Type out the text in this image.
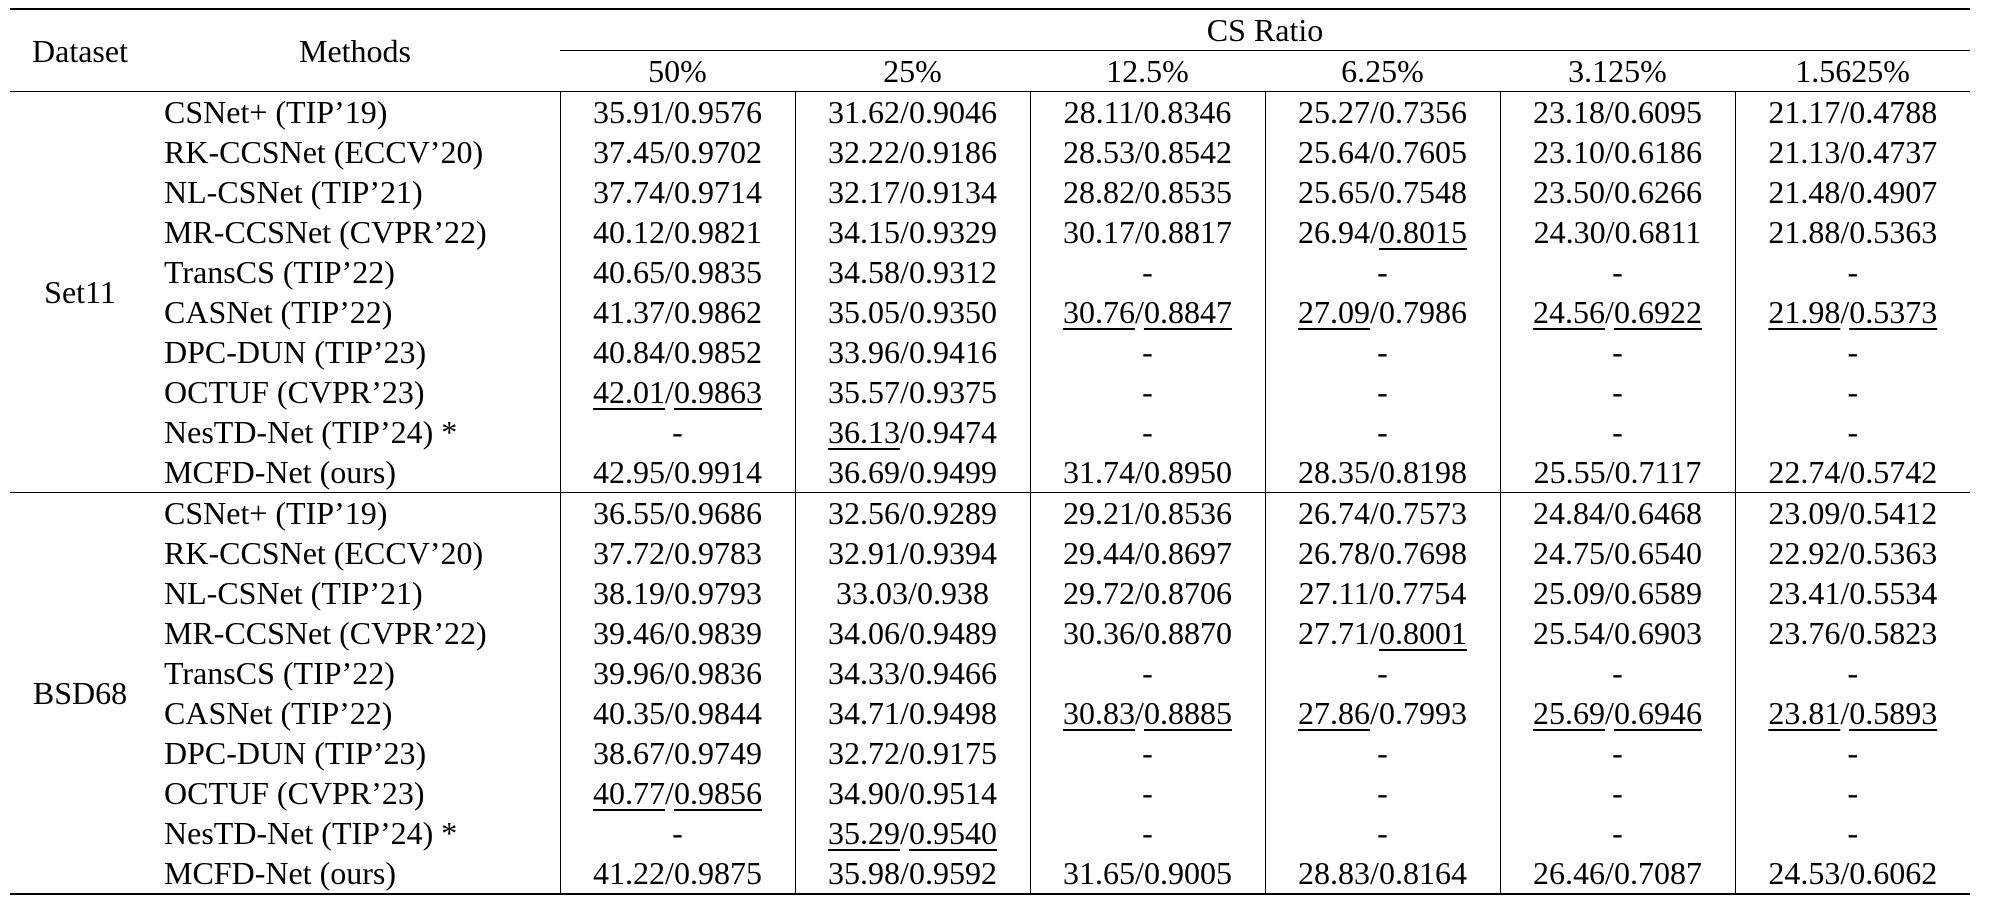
Dataset	Methods	CS Ratio					
		50%	25%	12.5%	6.25%	3.125%	1.5625%
Set11	CSNet+ (TIP’19)	35.91/0.9576	31.62/0.9046	28.11/0.8346	25.27/0.7356	23.18/0.6095	21.17/0.4788
	RK-CCSNet (ECCV’20)	37.45/0.9702	32.22/0.9186	28.53/0.8542	25.64/0.7605	23.10/0.6186	21.13/0.4737
	NL-CSNet (TIP’21)	37.74/0.9714	32.17/0.9134	28.82/0.8535	25.65/0.7548	23.50/0.6266	21.48/0.4907
	MR-CCSNet (CVPR’22)	40.12/0.9821	34.15/0.9329	30.17/0.8817	26.94/0.8015	24.30/0.6811	21.88/0.5363
	TransCS (TIP’22)	40.65/0.9835	34.58/0.9312	-	-	-	-
	CASNet (TIP’22)	41.37/0.9862	35.05/0.9350	30.76/0.8847	27.09/0.7986	24.56/0.6922	21.98/0.5373
	DPC-DUN (TIP’23)	40.84/0.9852	33.96/0.9416	-	-	-	-
	OCTUF (CVPR’23)	42.01/0.9863	35.57/0.9375	-	-	-	-
	NesTD-Net (TIP’24) *	-	36.13/0.9474	-	-	-	-
	MCFD-Net (ours)	42.95/0.9914	36.69/0.9499	31.74/0.8950	28.35/0.8198	25.55/0.7117	22.74/0.5742
BSD68	CSNet+ (TIP’19)	36.55/0.9686	32.56/0.9289	29.21/0.8536	26.74/0.7573	24.84/0.6468	23.09/0.5412
	RK-CCSNet (ECCV’20)	37.72/0.9783	32.91/0.9394	29.44/0.8697	26.78/0.7698	24.75/0.6540	22.92/0.5363
	NL-CSNet (TIP’21)	38.19/0.9793	33.03/0.938	29.72/0.8706	27.11/0.7754	25.09/0.6589	23.41/0.5534
	MR-CCSNet (CVPR’22)	39.46/0.9839	34.06/0.9489	30.36/0.8870	27.71/0.8001	25.54/0.6903	23.76/0.5823
	TransCS (TIP’22)	39.96/0.9836	34.33/0.9466	-	-	-	-
	CASNet (TIP’22)	40.35/0.9844	34.71/0.9498	30.83/0.8885	27.86/0.7993	25.69/0.6946	23.81/0.5893
	DPC-DUN (TIP’23)	38.67/0.9749	32.72/0.9175	-	-	-	-
	OCTUF (CVPR’23)	40.77/0.9856	34.90/0.9514	-	-	-	-
	NesTD-Net (TIP’24) *	-	35.29/0.9540	-	-	-	-
	MCFD-Net (ours)	41.22/0.9875	35.98/0.9592	31.65/0.9005	28.83/0.8164	26.46/0.7087	24.53/0.6062
